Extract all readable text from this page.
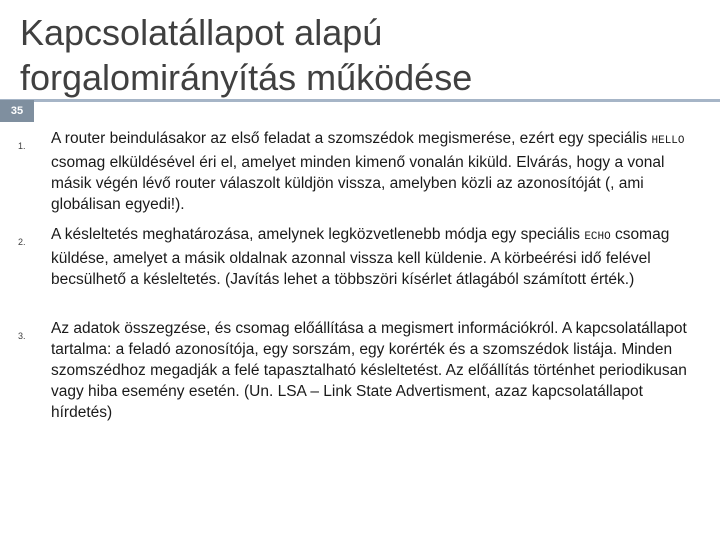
Kapcsolatállapot alapú
forgalomirányítás működése
35
1. A router beindulásakor az első feladat a szomszédok megismerése, ezért egy speciális HELLO csomag elküldésével éri el, amelyet minden kimenő vonalán kiküld. Elvárás, hogy a vonal másik végén lévő router válaszolt küldjön vissza, amelyben közli az azonosítóját (, ami globálisan egyedi!).
2. A késleltetés meghatározása, amelynek legközvetlenebb módja egy speciális ECHO csomag küldése, amelyet a másik oldalnak azonnal vissza kell küldenie. A körbeérési idő felével becsülhető a késleltetés. (Javítás lehet a többszöri kísérlet átlagából számított érték.)
3. Az adatok összegzése, és csomag előállítása a megismert információkról. A kapcsolatállapot tartalma: a feladó azonosítója, egy sorszám, egy korérték és a szomszédok listája. Minden szomszédhoz megadják a felé tapasztalható késleltetést. Az előállítás történhet periodikusan vagy hiba esemény esetén. (Un. LSA – Link State Advertisment, azaz kapcsolatállapot hírdetés)
